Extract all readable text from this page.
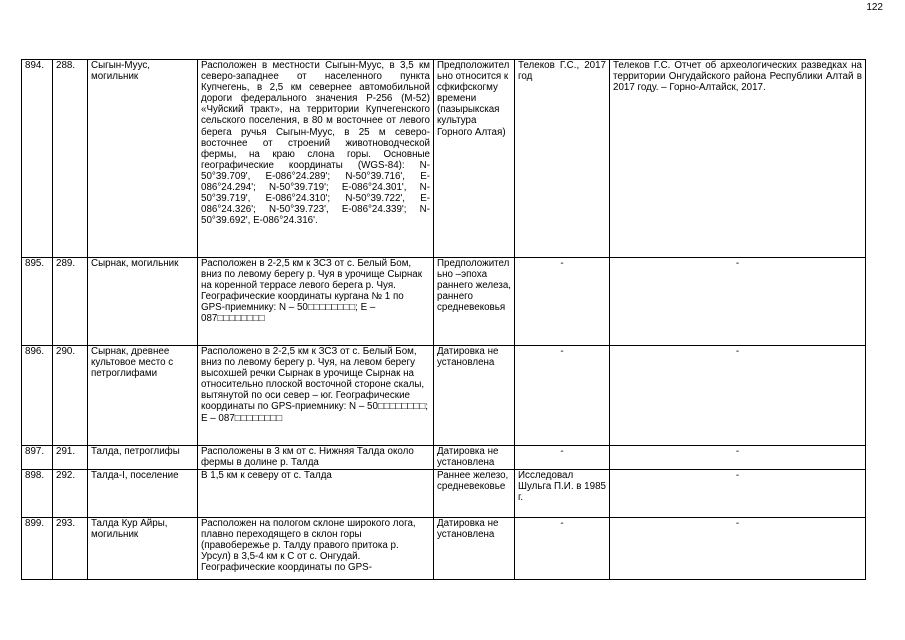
122
894.	288.	Сыгын-Муус, могильник	Расположен в местности Сыгын-Муус, в 3,5 км северо-западнее от населенного пункта Купчегень, в 2,5 км севернее автомобильной дороги федерального значения Р-256 (М-52) «Чуйский тракт», на территории Купчегенского сельского поселения, в 80 м восточнее от левого берега ручья Сыгын-Муус, в 25 м северо-восточнее от строений животноводческой фермы, на краю слона горы. Основные географические координаты (WGS-84): N-50°39.709', E-086°24.289'; N-50°39.716', E-086°24.294'; N-50°39.719'; E-086°24.301', N-50°39.719', E-086°24.310'; N-50°39.722', E-086°24.326'; N-50°39.723', E-086°24.339'; N-50°39.692', E-086°24.316'.	Предположительно относится к сфкифскогму времени (пазырыкская культура Горного Алтая)	Телеков Г.С., 2017 год	Телеков Г.С. Отчет об археологических разведках на территории Онгудайского района Республики Алтай в 2017 году. – Горно-Алтайск, 2017.
895.	289.	Сырнак, могильник	Расположен в 2-2,5 км к ЗСЗ от с. Белый Бом, вниз по левому берегу р. Чуя в урочище Сырнак на коренной террасе левого берега р. Чуя. Географические координаты кургана № 1 по GPS-приемнику: N – 50□□□□□□□□; E – 087□□□□□□□□	Предположительно –эпоха раннего железа, раннего средневековья	-	-
896.	290.	Сырнак, древнее культовое место с петроглифами	Расположено в 2-2,5 км к ЗСЗ от с. Белый Бом, вниз по левому берегу р. Чуя, на левом берегу высохшей речки Сырнак в урочище Сырнак на относительно плоской восточной стороне скалы, вытянутой по оси север – юг. Географические координаты по GPS-приемнику: N – 50□□□□□□□□; E – 087□□□□□□□□	Датировка не установлена	-	-
897.	291.	Талда, петроглифы	Расположены в 3 км от с. Нижняя Талда около фермы в долине р. Талда	Датировка не установлена	-	-
898.	292.	Талда-I, поселение	В 1,5 км к северу от с. Талда	Раннее железо, средневековье	Исследовал Шульга П.И. в 1985 г.	-
899.	293.	Талда Кур Айры, могильник	Расположен на пологом склоне широкого лога, плавно переходящего в склон горы (правобережье р. Талду правого притока р. Урсул) в 3,5-4 км к С от с. Онгудай. Географические координаты по GPS-	Датировка не установлена	-	-
